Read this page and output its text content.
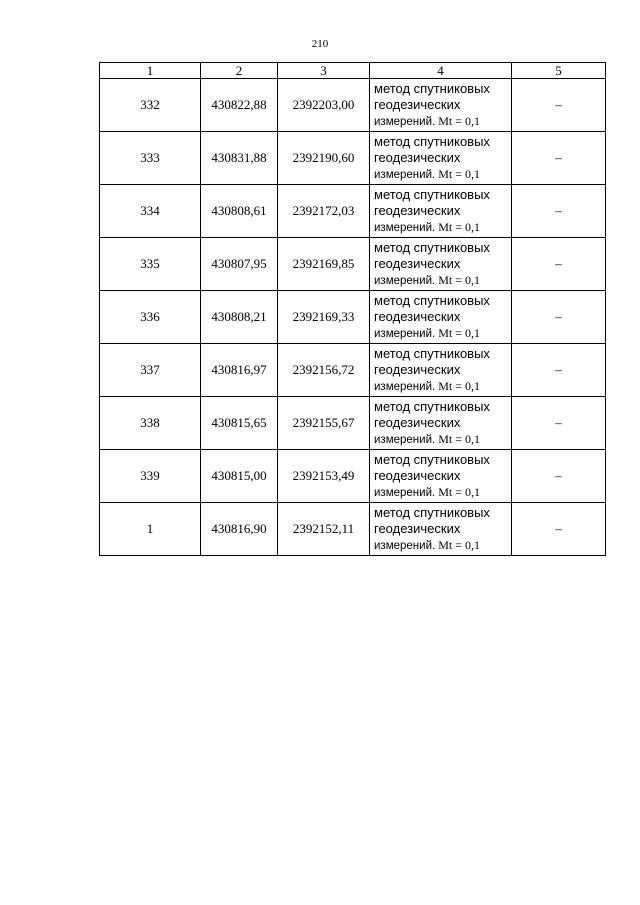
210
1	2	3	4	5
332	430822,88	2392203,00	метод спутниковых
геодезических
измерений. Mt = 0,1	–
333	430831,88	2392190,60	метод спутниковых
геодезических
измерений. Mt = 0,1	–
334	430808,61	2392172,03	метод спутниковых
геодезических
измерений. Mt = 0,1	–
335	430807,95	2392169,85	метод спутниковых
геодезических
измерений. Mt = 0,1	–
336	430808,21	2392169,33	метод спутниковых
геодезических
измерений. Mt = 0,1	–
337	430816,97	2392156,72	метод спутниковых
геодезических
измерений. Mt = 0,1	–
338	430815,65	2392155,67	метод спутниковых
геодезических
измерений. Mt = 0,1	–
339	430815,00	2392153,49	метод спутниковых
геодезических
измерений. Mt = 0,1	–
1	430816,90	2392152,11	метод спутниковых
геодезических
измерений. Mt = 0,1	–
